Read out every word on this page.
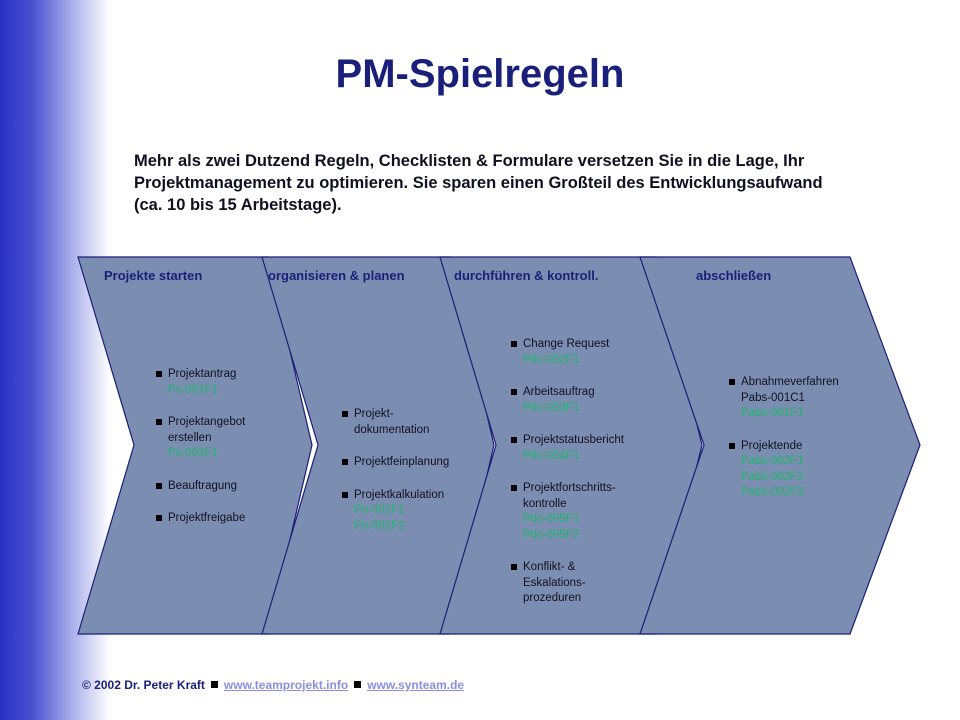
PM-Spielregeln

Mehr als zwei Dutzend Regeln, Checklisten & Formulare versetzen Sie in die Lage, Ihr Projektmanagement zu optimieren. Sie sparen einen Großteil des Entwicklungsaufwand (ca. 10 bis 15 Arbeitstage).

Projekte starten	organisieren & planen	durchführen & kontroll.	abschließen
Projektantrag
Ps-001F1
Projektangebot
erstellen
Ps-002F1
Beauftragung
Projektfreigabe
Projekt-
dokumentation
Projektfeinplanung
Projektkalkulation
Po-002F1
Po-002F2
Change Request
Pdc-002F1
Arbeitsauftrag
Pdc-003F1
Projektstatusbericht
Pdc-004F1
Projektfortschritts-
kontrolle
Pdc-005F1
Pdc-005F2
Konflikt- &
Eskalations-
prozeduren
Abnahmeverfahren
Pabs-001C1
Pabs-001F1
Projektende
Pabs-002F1
Pabs-002F2
Pabs-002F3
© 2002 Dr. Peter Kraft www.teamprojekt.info www.synteam.de
